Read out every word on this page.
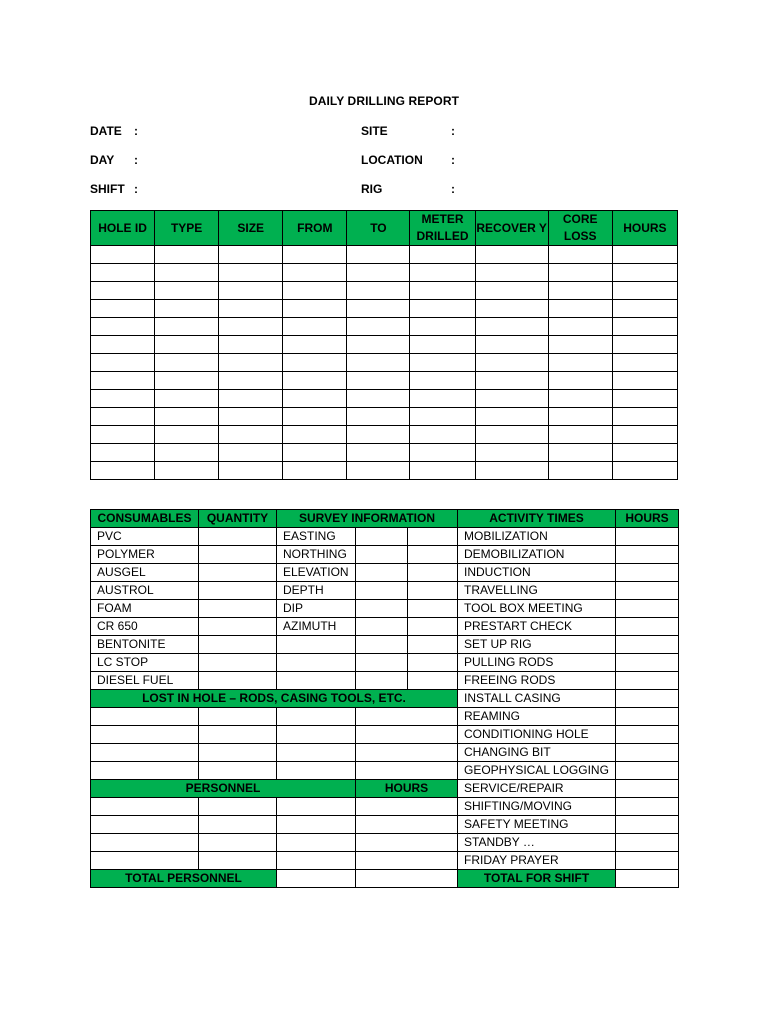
DAILY DRILLING REPORT
DATE :
DAY :
SHIFT :
SITE	:
LOCATION :
RIG	:
HOLE ID	TYPE	SIZE	FROM	TO	METER DRILLED	RECOVER Y	CORE LOSS	HOURS

CONSUMABLES	QUANTITY	SURVEY INFORMATION			ACTIVITY TIMES	HOURS
PVC		EASTING			MOBILIZATION	
POLYMER		NORTHING			DEMOBILIZATION	
AUSGEL		ELEVATION			INDUCTION	
AUSTROL		DEPTH			TRAVELLING	
FOAM		DIP			TOOL BOX MEETING	
CR 650		AZIMUTH			PRESTART CHECK	
BENTONITE					SET UP RIG	
LC STOP					PULLING RODS	
DIESEL FUEL					FREEING RODS	
LOST IN HOLE – RODS, CASING TOOLS, ETC.					INSTALL CASING	
					REAMING	
					CONDITIONING HOLE	
					CHANGING BIT	
					GEOPHYSICAL LOGGING	
PERSONNEL			HOURS		SERVICE/REPAIR	
					SHIFTING/MOVING	
					SAFETY MEETING	
					STANDBY …	
					FRIDAY PRAYER	
TOTAL PERSONNEL					TOTAL FOR SHIFT	
